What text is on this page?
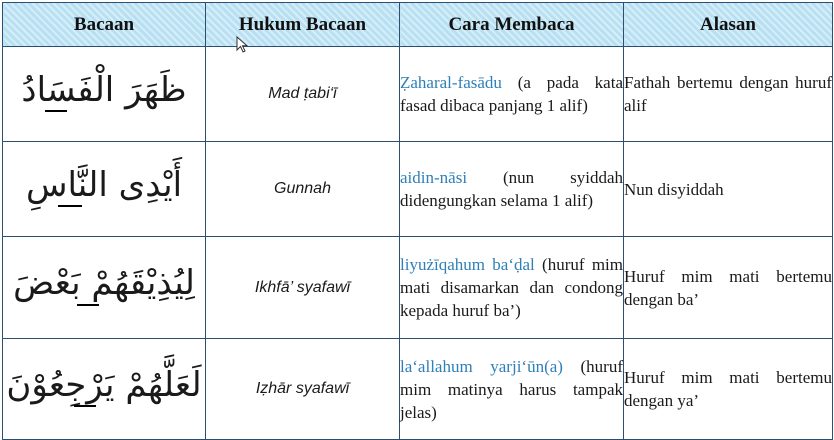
Bacaan	Hukum Bacaan	Cara Membaca	Alasan
ظَهَرَ الْفَسَادُ	Mad ṭabi‘ī	Ẓaharal-fasādu (a pada kata fasad dibaca panjang 1 alif)	Fathah bertemu dengan huruf alif
أَيْدِى النَّاسِ	Gunnah	aidin-nāsi (nun syiddah didengungkan selama 1 alif)	Nun disyiddah
لِيُذِيْقَهُمْ بَعْضَ	Ikhfā’ syafawī	liyużīqahum ba‘ḍal (huruf mim mati disamarkan dan condong kepada huruf ba’)	Huruf mim mati bertemu dengan ba’
لَعَلَّهُمْ يَرْجِعُوْنَ	Iẓhār syafawī	la‘allahum yarji‘ūn(a) (huruf mim matinya harus tampak jelas)	Huruf mim mati bertemu dengan ya’
